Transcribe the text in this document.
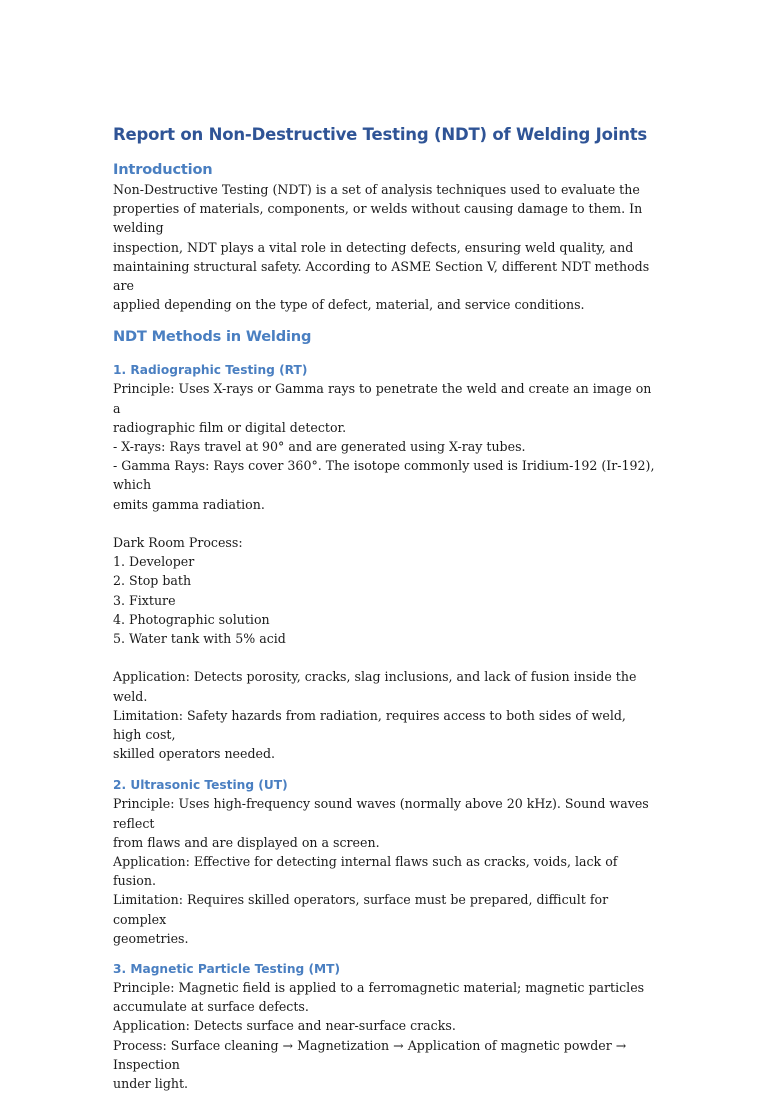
Report on Non-Destructive Testing (NDT) of Welding Joints
Introduction

Non-Destructive Testing (NDT) is a set of analysis techniques used to evaluate the
properties of materials, components, or welds without causing damage to them. In welding
inspection, NDT plays a vital role in detecting defects, ensuring weld quality, and
maintaining structural safety. According to ASME Section V, different NDT methods are
applied depending on the type of defect, material, and service conditions.

NDT Methods in Welding
1. Radiographic Testing (RT)

Principle: Uses X-rays or Gamma rays to penetrate the weld and create an image on a
radiographic film or digital detector.
- X-rays: Rays travel at 90° and are generated using X-ray tubes.
- Gamma Rays: Rays cover 360°. The isotope commonly used is Iridium-192 (Ir-192), which
emits gamma radiation.
Dark Room Process:
1. Developer
2. Stop bath
3. Fixture
4. Photographic solution
5. Water tank with 5% acid
Application: Detects porosity, cracks, slag inclusions, and lack of fusion inside the weld.
Limitation: Safety hazards from radiation, requires access to both sides of weld, high cost,
skilled operators needed.

2. Ultrasonic Testing (UT)

Principle: Uses high-frequency sound waves (normally above 20 kHz). Sound waves reflect
from flaws and are displayed on a screen.
Application: Effective for detecting internal flaws such as cracks, voids, lack of fusion.
Limitation: Requires skilled operators, surface must be prepared, difficult for complex
geometries.

3. Magnetic Particle Testing (MT)

Principle: Magnetic field is applied to a ferromagnetic material; magnetic particles
accumulate at surface defects.
Application: Detects surface and near-surface cracks.
Process: Surface cleaning → Magnetization → Application of magnetic powder → Inspection
under light.
